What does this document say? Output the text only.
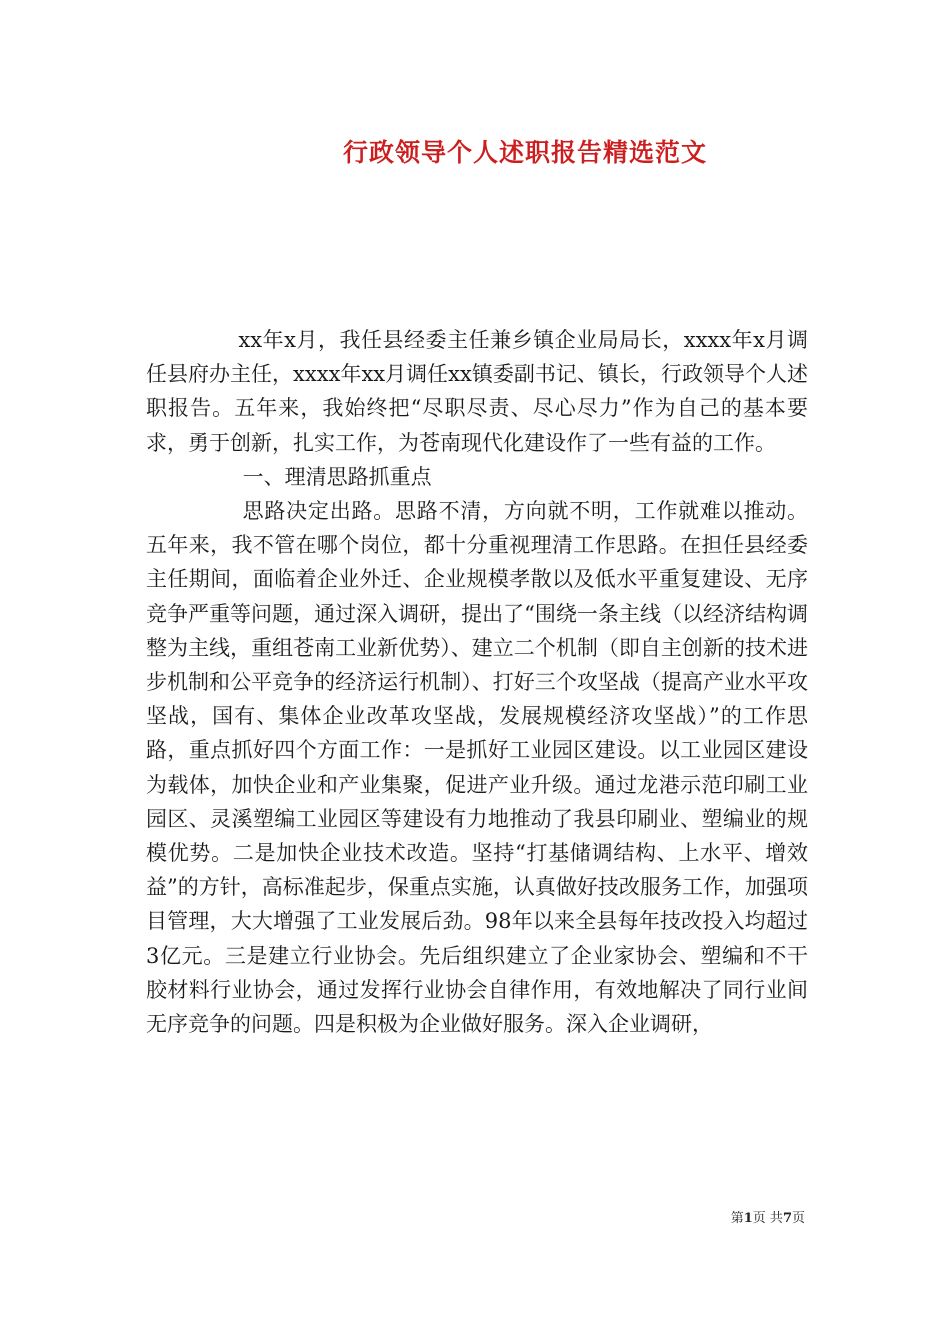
行政领导个人述职报告精选范文

xx年x月，我任县经委主任兼乡镇企业局局长，xxxx年x月调任县府办主任，xxxx年xx月调任xx镇委副书记、镇长，行政领导个人述职报告。五年来，我始终把“尽职尽责、尽心尽力”作为自己的基本要求，勇于创新，扎实工作，为苍南现代化建设作了一些有益的工作。

一、理清思路抓重点

思路决定出路。思路不清，方向就不明，工作就难以推动。五年来，我不管在哪个岗位，都十分重视理清工作思路。在担任县经委主任期间，面临着企业外迁、企业规模孝散以及低水平重复建设、无序竞争严重等问题，通过深入调研，提出了“围绕一条主线（以经济结构调整为主线，重组苍南工业新优势）、建立二个机制（即自主创新的技术进步机制和公平竞争的经济运行机制）、打好三个攻坚战（提高产业水平攻坚战，国有、集体企业改革攻坚战，发展规模经济攻坚战）”的工作思路，重点抓好四个方面工作：一是抓好工业园区建设。以工业园区建设为载体，加快企业和产业集聚，促进产业升级。通过龙港示范印刷工业园区、灵溪塑编工业园区等建设有力地推动了我县印刷业、塑编业的规模优势。二是加快企业技术改造。坚持“打基储调结构、上水平、增效益”的方针，高标准起步，保重点实施，认真做好技改服务工作，加强项目管理，大大增强了工业发展后劲。98年以来全县每年技改投入均超过3亿元。三是建立行业协会。先后组织建立了企业家协会、塑编和不干胶材料行业协会，通过发挥行业协会自律作用，有效地解决了同行业间无序竞争的问题。四是积极为企业做好服务。深入企业调研，

第1页 共7页
